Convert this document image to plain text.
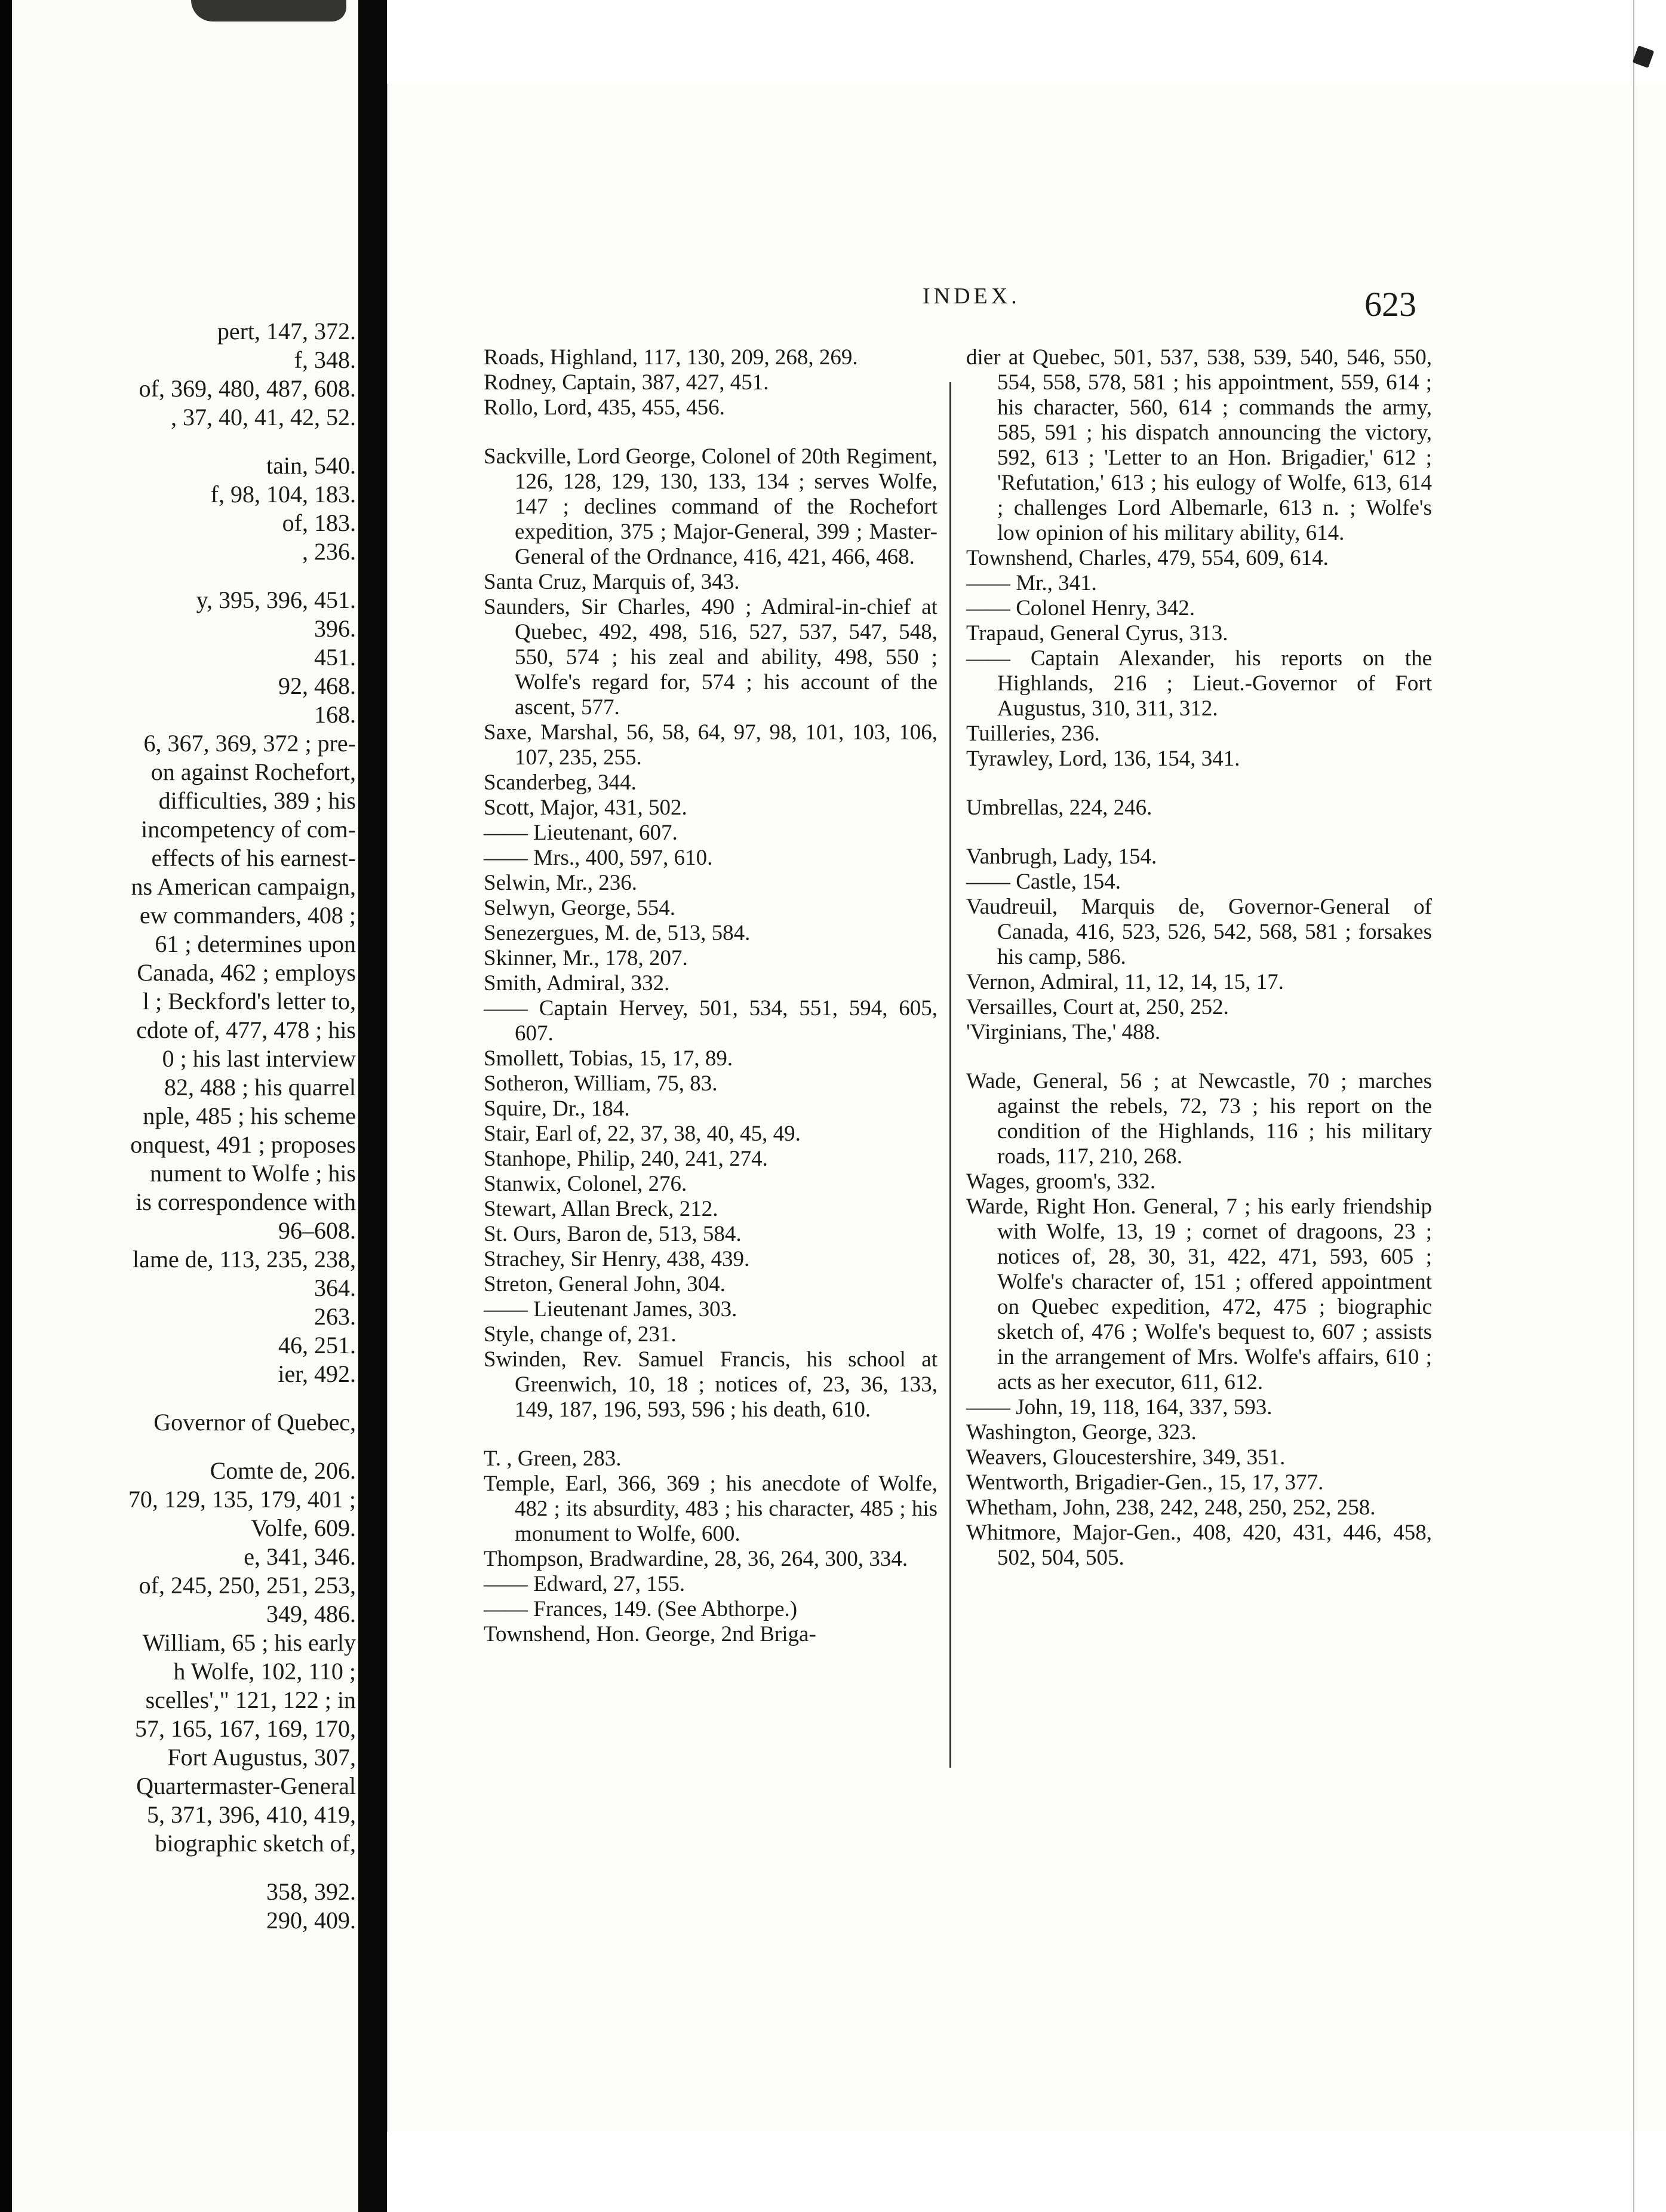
pert, 147, 372.
f, 348.
of, 369, 480, 487, 608.
, 37, 40, 41, 42, 52.
tain, 540.
f, 98, 104, 183.
of, 183.
, 236.
y, 395, 396, 451.
396.
451.
92, 468.
168.
6, 367, 369, 372 ; pre-
on against Rochefort,
difficulties, 389 ; his
incompetency of com-
effects of his earnest-
ns American campaign,
ew commanders, 408 ;
61 ; determines upon
Canada, 462 ; employs
l ; Beckford's letter to,
cdote of, 477, 478 ; his
0 ; his last interview
82, 488 ; his quarrel
nple, 485 ; his scheme
onquest, 491 ; proposes
nument to Wolfe ; his
is correspondence with
96–608.
lame de, 113, 235, 238,
364.
263.
46, 251.
ier, 492.
Governor of Quebec,
Comte de, 206.
70, 129, 135, 179, 401 ;
Volfe, 609.
e, 341, 346.
of, 245, 250, 251, 253,
349, 486.
William, 65 ; his early
h Wolfe, 102, 110 ;
scelles'," 121, 122 ; in
57, 165, 167, 169, 170,
Fort Augustus, 307,
Quartermaster-General
5, 371, 396, 410, 419,
biographic sketch of,
358, 392.
290, 409.
INDEX.	623

Roads, Highland, 117, 130, 209, 268, 269.

Rodney, Captain, 387, 427, 451.

Rollo, Lord, 435, 455, 456.

Sackville, Lord George, Colonel of 20th Regiment, 126, 128, 129, 130, 133, 134 ; serves Wolfe, 147 ; declines command of the Rochefort expedition, 375 ; Major-General, 399 ; Master-General of the Ordnance, 416, 421, 466, 468.

Santa Cruz, Marquis of, 343.

Saunders, Sir Charles, 490 ; Admiral-in-chief at Quebec, 492, 498, 516, 527, 537, 547, 548, 550, 574 ; his zeal and ability, 498, 550 ; Wolfe's regard for, 574 ; his account of the ascent, 577.

Saxe, Marshal, 56, 58, 64, 97, 98, 101, 103, 106, 107, 235, 255.

Scanderbeg, 344.

Scott, Major, 431, 502.

—— Lieutenant, 607.

—— Mrs., 400, 597, 610.

Selwin, Mr., 236.

Selwyn, George, 554.

Senezergues, M. de, 513, 584.

Skinner, Mr., 178, 207.

Smith, Admiral, 332.

—— Captain Hervey, 501, 534, 551, 594, 605, 607.

Smollett, Tobias, 15, 17, 89.

Sotheron, William, 75, 83.

Squire, Dr., 184.

Stair, Earl of, 22, 37, 38, 40, 45, 49.

Stanhope, Philip, 240, 241, 274.

Stanwix, Colonel, 276.

Stewart, Allan Breck, 212.

St. Ours, Baron de, 513, 584.

Strachey, Sir Henry, 438, 439.

Streton, General John, 304.

—— Lieutenant James, 303.

Style, change of, 231.

Swinden, Rev. Samuel Francis, his school at Greenwich, 10, 18 ; notices of, 23, 36, 133, 149, 187, 196, 593, 596 ; his death, 610.

T. , Green, 283.

Temple, Earl, 366, 369 ; his anecdote of Wolfe, 482 ; its absurdity, 483 ; his character, 485 ; his monument to Wolfe, 600.

Thompson, Bradwardine, 28, 36, 264, 300, 334.

—— Edward, 27, 155.

—— Frances, 149. (See Abthorpe.)

Townshend, Hon. George, 2nd Briga-

dier at Quebec, 501, 537, 538, 539, 540, 546, 550, 554, 558, 578, 581 ; his appointment, 559, 614 ; his character, 560, 614 ; commands the army, 585, 591 ; his dispatch announcing the victory, 592, 613 ; 'Letter to an Hon. Brigadier,' 612 ; 'Refutation,' 613 ; his eulogy of Wolfe, 613, 614 ; challenges Lord Albemarle, 613 n. ; Wolfe's low opinion of his military ability, 614.

Townshend, Charles, 479, 554, 609, 614.

—— Mr., 341.

—— Colonel Henry, 342.

Trapaud, General Cyrus, 313.

—— Captain Alexander, his reports on the Highlands, 216 ; Lieut.-Governor of Fort Augustus, 310, 311, 312.

Tuilleries, 236.

Tyrawley, Lord, 136, 154, 341.

Umbrellas, 224, 246.

Vanbrugh, Lady, 154.

—— Castle, 154.

Vaudreuil, Marquis de, Governor-General of Canada, 416, 523, 526, 542, 568, 581 ; forsakes his camp, 586.

Vernon, Admiral, 11, 12, 14, 15, 17.

Versailles, Court at, 250, 252.

'Virginians, The,' 488.

Wade, General, 56 ; at Newcastle, 70 ; marches against the rebels, 72, 73 ; his report on the condition of the Highlands, 116 ; his military roads, 117, 210, 268.

Wages, groom's, 332.

Warde, Right Hon. General, 7 ; his early friendship with Wolfe, 13, 19 ; cornet of dragoons, 23 ; notices of, 28, 30, 31, 422, 471, 593, 605 ; Wolfe's character of, 151 ; offered appointment on Quebec expedition, 472, 475 ; biographic sketch of, 476 ; Wolfe's bequest to, 607 ; assists in the arrangement of Mrs. Wolfe's affairs, 610 ; acts as her executor, 611, 612.

—— John, 19, 118, 164, 337, 593.

Washington, George, 323.

Weavers, Gloucestershire, 349, 351.

Wentworth, Brigadier-Gen., 15, 17, 377.

Whetham, John, 238, 242, 248, 250, 252, 258.

Whitmore, Major-Gen., 408, 420, 431, 446, 458, 502, 504, 505.
